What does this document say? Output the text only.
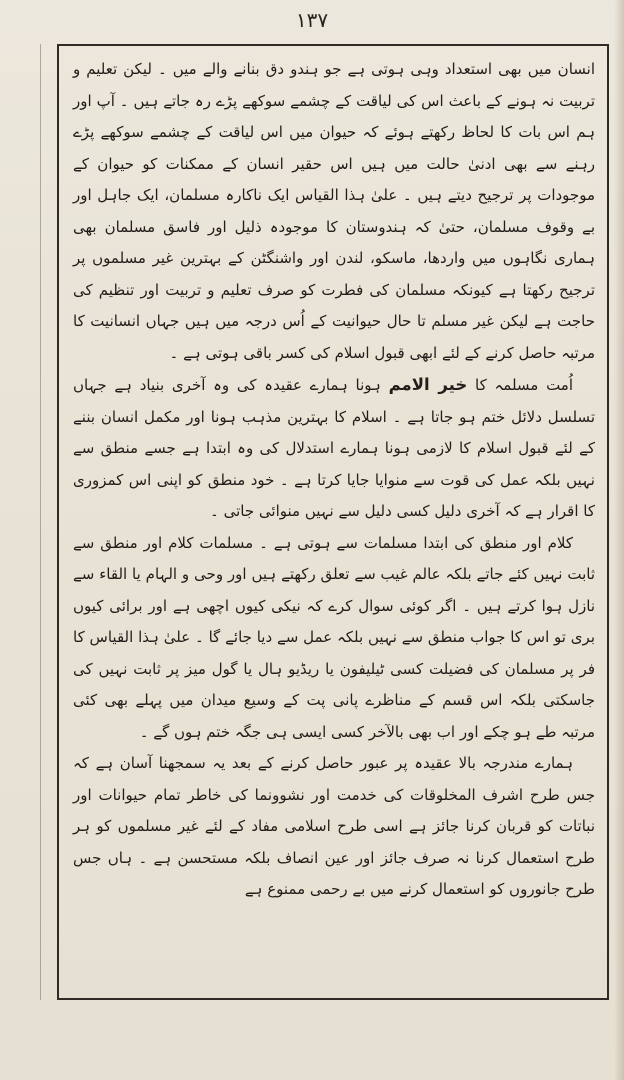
۱۳۷

انسان میں بھی استعداد وہی ہوتی ہے جو ہندو دق بنانے والے میں ۔ لیکن تعلیم و تربیت نہ ہونے کے باعث اس کی لیاقت کے چشمے سوکھے پڑے رہ جاتے ہیں ۔ آپ اور ہم اس بات کا لحاظ رکھتے ہوئے کہ حیوان میں اس لیاقت کے چشمے سوکھے پڑے رہنے سے بھی ادنیٰ حالت میں ہیں اس حقیر انسان کے ممکنات کو حیوان کے موجودات پر ترجیح دیتے ہیں ۔ علیٰ ہذا القیاس ایک ناکارہ مسلمان، ایک جاہل اور بے وقوف مسلمان، حتیٰ کہ ہندوستان کا موجودہ ذلیل اور فاسق مسلمان بھی ہماری نگاہوں میں واردھا، ماسکو، لندن اور واشنگٹن کے بہترین غیر مسلموں پر ترجیح رکھتا ہے کیونکہ مسلمان کی فطرت کو صرف تعلیم و تربیت اور تنظیم کی حاجت ہے لیکن غیر مسلم تا حال حیوانیت کے اُس درجہ میں ہیں جہاں انسانیت کا مرتبہ حاصل کرنے کے لئے ابھی قبول اسلام کی کسر باقی ہوتی ہے ۔

اُمت مسلمہ کا خیر الامم ہونا ہمارے عقیدہ کی وہ آخری بنیاد ہے جہاں تسلسل دلائل ختم ہو جاتا ہے ۔ اسلام کا بہترین مذہب ہونا اور مکمل انسان بننے کے لئے قبول اسلام کا لازمی ہونا ہمارے استدلال کی وہ ابتدا ہے جسے منطق سے نہیں بلکہ عمل کی قوت سے منوایا جایا کرتا ہے ۔ خود منطق کو اپنی اس کمزوری کا اقرار ہے کہ آخری دلیل کسی دلیل سے نہیں منوائی جاتی ۔

کلام اور منطق کی ابتدا مسلمات سے ہوتی ہے ۔ مسلمات کلام اور منطق سے ثابت نہیں کئے جاتے بلکہ عالم غیب سے تعلق رکھتے ہیں اور وحی و الہام یا القاء سے نازل ہوا کرتے ہیں ۔ اگر کوئی سوال کرے کہ نیکی کیوں اچھی ہے اور برائی کیوں بری تو اس کا جواب منطق سے نہیں بلکہ عمل سے دیا جائے گا ۔ علیٰ ہذا القیاس کا فر پر مسلمان کی فضیلت کسی ٹیلیفون یا ریڈیو ہال یا گول میز پر ثابت نہیں کی جاسکتی بلکہ اس قسم کے مناظرے پانی پت کے وسیع میدان میں پہلے بھی کئی مرتبہ طے ہو چکے اور اب بھی بالآخر کسی ایسی ہی جگہ ختم ہوں گے ۔

ہمارے مندرجہ بالا عقیدہ پر عبور حاصل کرنے کے بعد یہ سمجھنا آسان ہے کہ جس طرح اشرف المخلوقات کی خدمت اور نشوونما کی خاطر تمام حیوانات اور نباتات کو قربان کرنا جائز ہے اسی طرح اسلامی مفاد کے لئے غیر مسلموں کو ہر طرح استعمال کرنا نہ صرف جائز اور عین انصاف بلکہ مستحسن ہے ۔ ہاں جس طرح جانوروں کو استعمال کرنے میں بے رحمی ممنوع ہے
